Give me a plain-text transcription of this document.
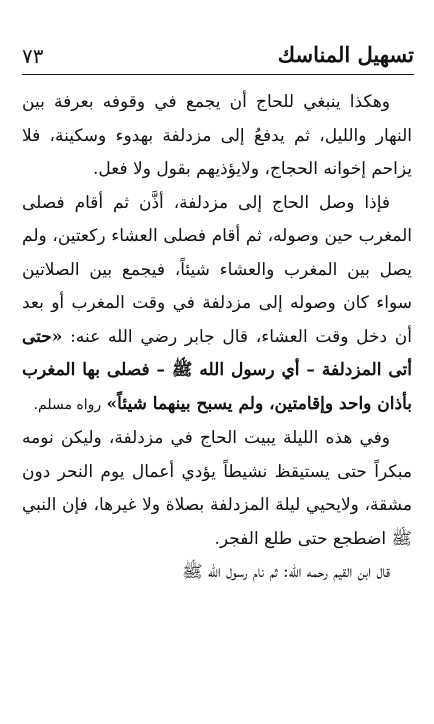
تسهيل المناسك
٧٣

وهكذا ينبغي للحاج أن يجمع في وقوفه بعرفة بين النهار والليل، ثم يدفعُ إلى مزدلفة بهدوء وسكينة، فلا يزاحم إخوانه الحجاج، ولايؤذيهم بقول ولا فعل.

فإذا وصل الحاج إلى مزدلفة، أذَّن ثم أقام فصلى المغرب حين وصوله، ثم أقام فصلى العشاء ركعتين، ولم يصل بين المغرب والعشاء شيئاً، فيجمع بين الصلاتين سواء كان وصوله إلى مزدلفة في وقت المغرب أو بعد أن دخل وقت العشاء، قال جابر رضي الله عنه: «حتى أتى المزدلفة – أي رسول الله ﷺ – فصلى بها المغرب بأذان واحد وإقامتين، ولم يسبح بينهما شيئاً» رواه مسلم.

وفي هذه الليلة يبيت الحاج في مزدلفة، وليكن نومه مبكراً حتى يستيقظ نشيطاً يؤدي أعمال يوم النحر دون مشقة، ولايحيي ليلة المزدلفة بصلاة ولا غيرها، فإن النبي ﷺ اضطجع حتى طلع الفجر.

قال ابن القيم رحمه الله: ثم نام رسول الله ﷺ
